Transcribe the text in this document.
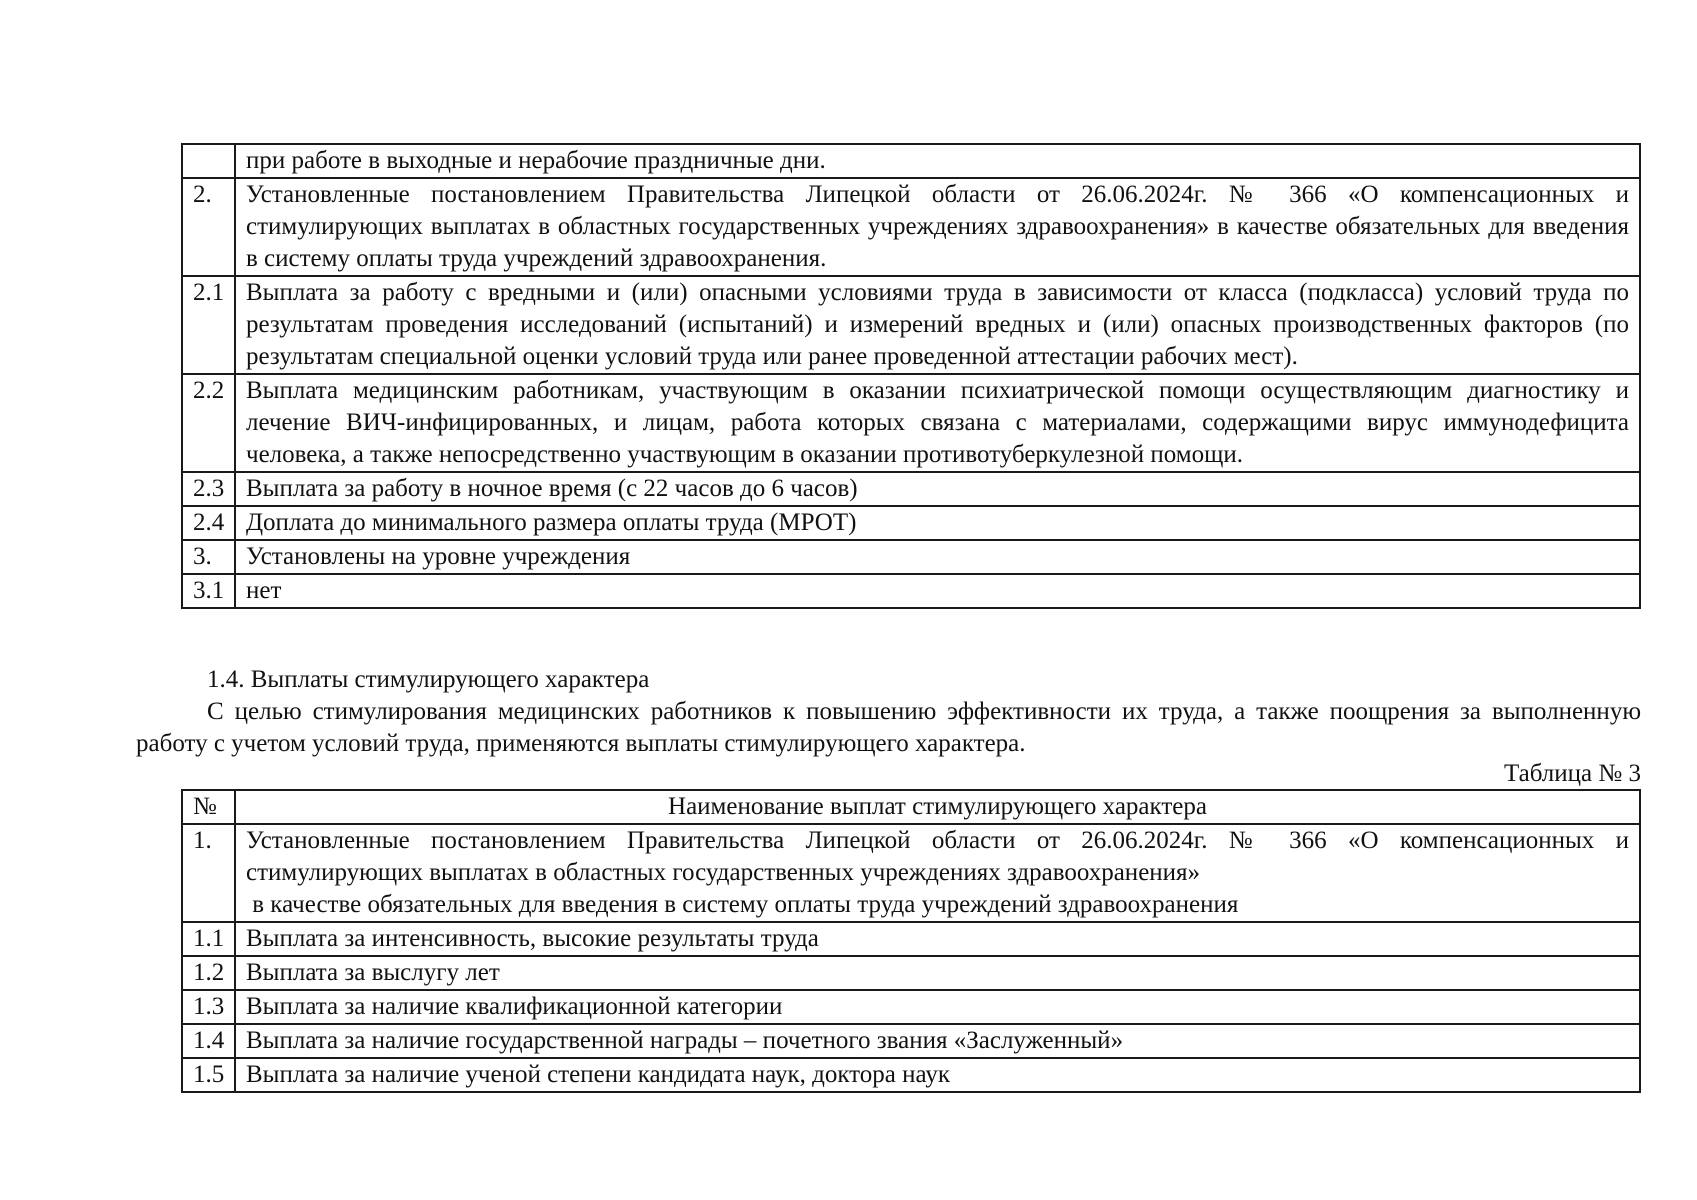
	при работе в выходные и нерабочие праздничные дни.
2.	Установленные постановлением Правительства Липецкой области от 26.06.2024г. № 366 «О компенсационных и стимулирующих выплатах в областных государственных учреждениях здравоохранения» в качестве обязательных для введения в систему оплаты труда учреждений здравоохранения.
2.1	Выплата за работу с вредными и (или) опасными условиями труда в зависимости от класса (подкласса) условий труда по результатам проведения исследований (испытаний) и измерений вредных и (или) опасных производственных факторов (по результатам специальной оценки условий труда или ранее проведенной аттестации рабочих мест).
2.2	Выплата медицинским работникам, участвующим в оказании психиатрической помощи осуществляющим диагностику и лечение ВИЧ-инфицированных, и лицам, работа которых связана с материалами, содержащими вирус иммунодефицита человека, а также непосредственно участвующим в оказании противотуберкулезной помощи.
2.3	Выплата за работу в ночное время (с 22 часов до 6 часов)
2.4	Доплата до минимального размера оплаты труда (МРОТ)
3.	Установлены на уровне учреждения
3.1	нет

1.4. Выплаты стимулирующего характера

С целью стимулирования медицинских работников к повышению эффективности их труда, а также поощрения за выполненную работу с учетом условий труда, применяются выплаты стимулирующего характера.

Таблица № 3

№	Наименование выплат стимулирующего характера
1.	Установленные постановлением Правительства Липецкой области от 26.06.2024г. № 366 «О компенсационных и стимулирующих выплатах в областных государственных учреждениях здравоохранения»
в качестве обязательных для введения в систему оплаты труда учреждений здравоохранения
1.1	Выплата за интенсивность, высокие результаты труда
1.2	Выплата за выслугу лет
1.3	Выплата за наличие квалификационной категории
1.4	Выплата за наличие государственной награды – почетного звания «Заслуженный»
1.5	Выплата за наличие ученой степени кандидата наук, доктора наук
